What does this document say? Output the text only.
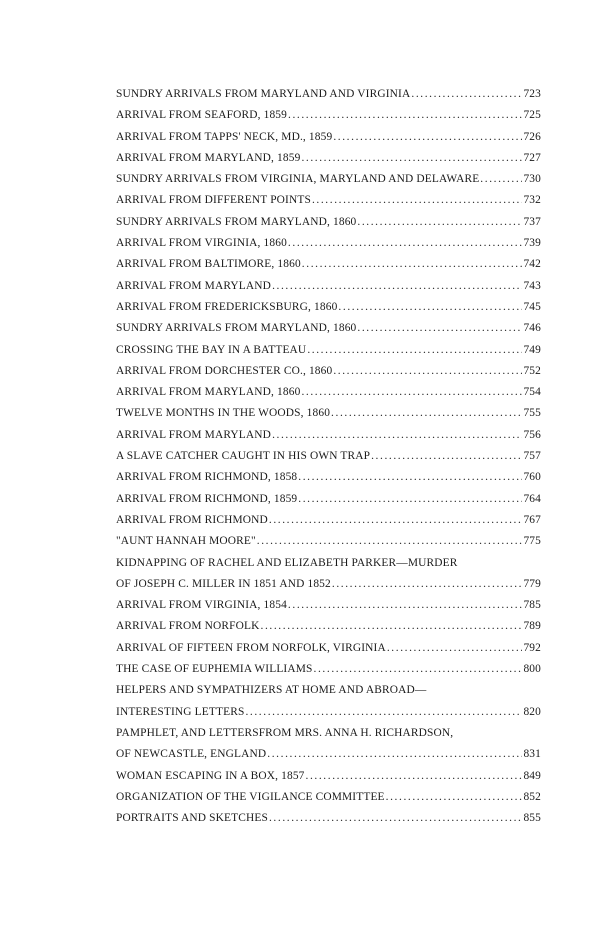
SUNDRY ARRIVALS FROM MARYLAND AND VIRGINIA .....	723
ARRIVAL FROM SEAFORD, 1859 .....	725
ARRIVAL FROM TAPPS' NECK, MD., 1859 .....	726
ARRIVAL FROM MARYLAND, 1859 .....	727
SUNDRY ARRIVALS FROM VIRGINIA, MARYLAND AND DELAWARE .....	730
ARRIVAL FROM DIFFERENT POINTS .....	732
SUNDRY ARRIVALS FROM MARYLAND, 1860 .....	737
ARRIVAL FROM VIRGINIA, 1860 .....	739
ARRIVAL FROM BALTIMORE, 1860 .....	742
ARRIVAL FROM MARYLAND .....	743
ARRIVAL FROM FREDERICKSBURG, 1860 .....	745
SUNDRY ARRIVALS FROM MARYLAND, 1860 .....	746
CROSSING THE BAY IN A BATTEAU .....	749
ARRIVAL FROM DORCHESTER CO., 1860 .....	752
ARRIVAL FROM MARYLAND, 1860 .....	754
TWELVE MONTHS IN THE WOODS, 1860 .....	755
ARRIVAL FROM MARYLAND .....	756
A SLAVE CATCHER CAUGHT IN HIS OWN TRAP .....	757
ARRIVAL FROM RICHMOND, 1858 .....	760
ARRIVAL FROM RICHMOND, 1859 .....	764
ARRIVAL FROM RICHMOND .....	767
"AUNT HANNAH MOORE" .....	775
KIDNAPPING OF RACHEL AND ELIZABETH PARKER—MURDER
OF JOSEPH C. MILLER IN 1851 AND 1852 .....	779
ARRIVAL FROM VIRGINIA, 1854 .....	785
ARRIVAL FROM NORFOLK .....	789
ARRIVAL OF FIFTEEN FROM NORFOLK, VIRGINIA .....	792
THE CASE OF EUPHEMIA WILLIAMS .....	800
HELPERS AND SYMPATHIZERS AT HOME AND ABROAD—
INTERESTING LETTERS .....	820
PAMPHLET, AND LETTERSFROM MRS. ANNA H. RICHARDSON,
OF NEWCASTLE, ENGLAND .....	831
WOMAN ESCAPING IN A BOX, 1857 .....	849
ORGANIZATION OF THE VIGILANCE COMMITTEE .....	852
PORTRAITS AND SKETCHES .....	855
